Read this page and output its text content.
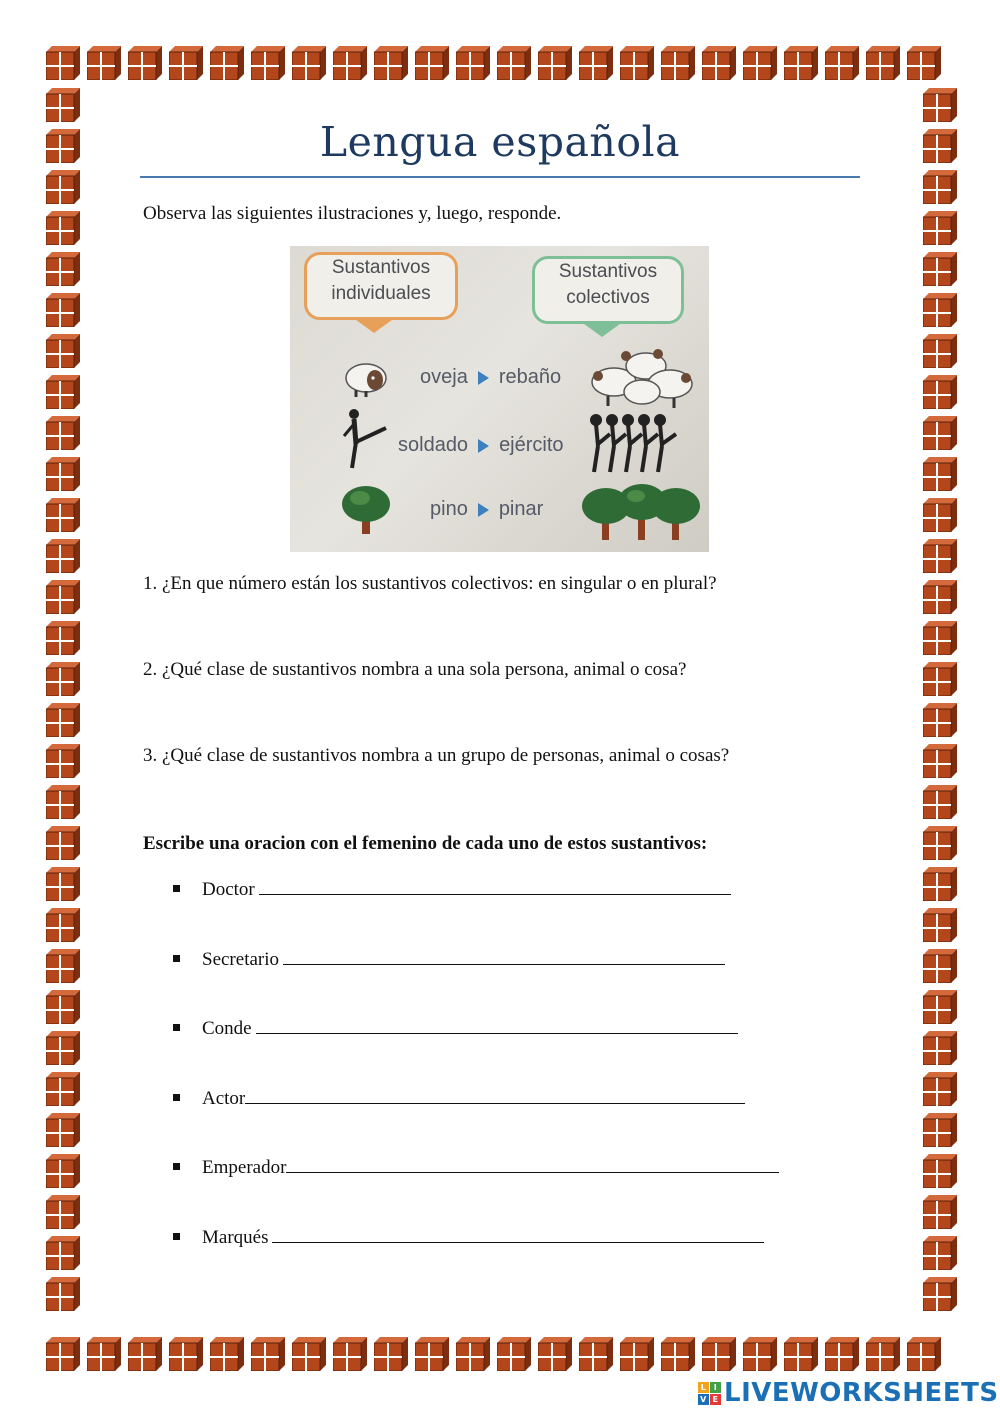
Lengua española
Observa las siguientes ilustraciones y, luego, responde.
Sustantivos
individuales
Sustantivos
colectivos
oveja rebaño
soldado ejército
pino pinar
1. ¿En que número están los sustantivos colectivos: en singular o en plural?
2. ¿Qué clase de sustantivos nombra a una sola persona, animal o cosa?
3. ¿Qué clase de sustantivos nombra a un grupo de personas, animal o cosas?
Escribe una oracion con el femenino de cada uno de estos sustantivos:
Doctor
Secretario
Conde
Actor
Emperador
Marqués
L I
V E LIVEWORKSHEETS
